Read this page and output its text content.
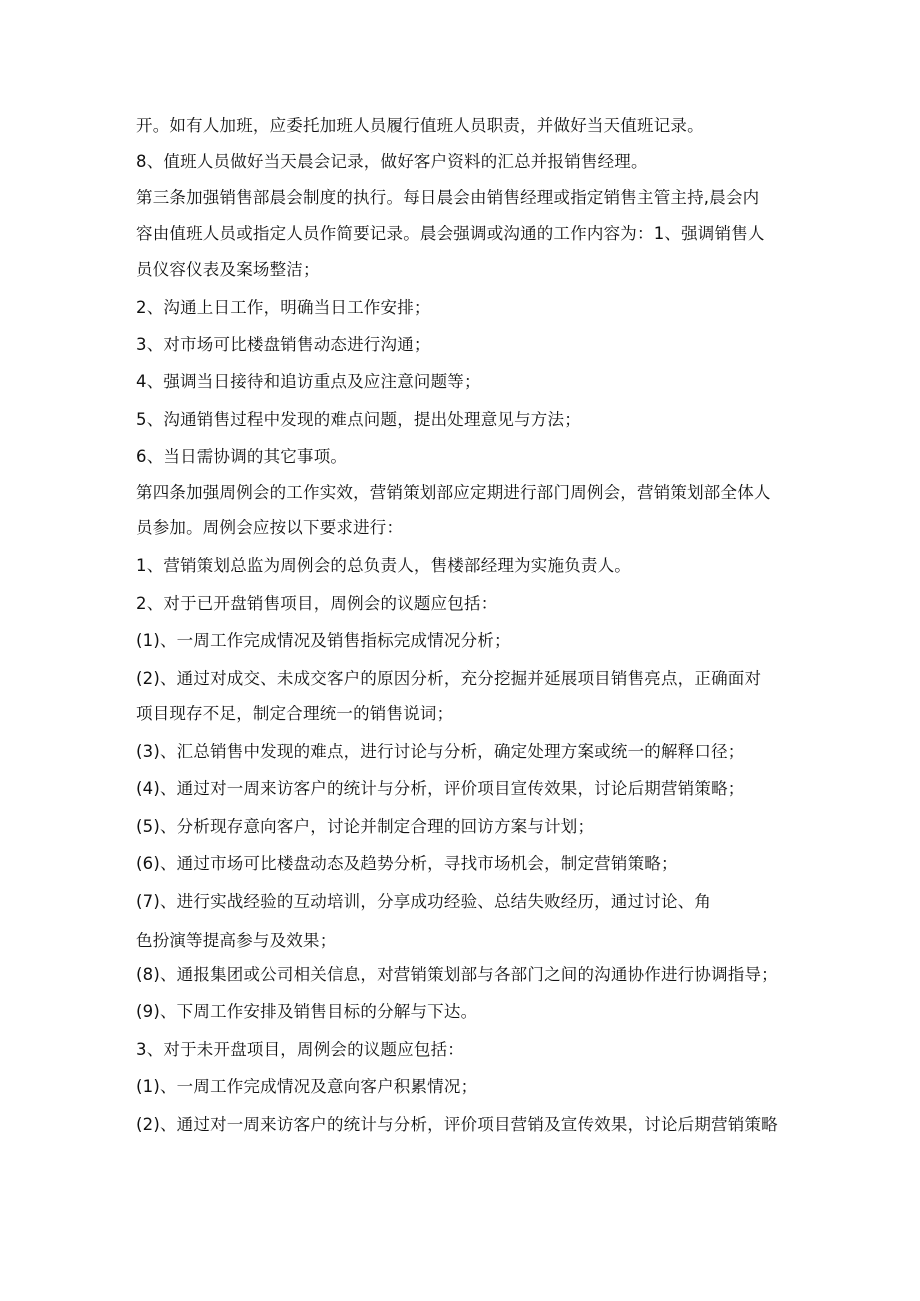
开。如有人加班，应委托加班人员履行值班人员职责，并做好当天值班记录。
8、值班人员做好当天晨会记录，做好客户资料的汇总并报销售经理。
第三条加强销售部晨会制度的执行。每日晨会由销售经理或指定销售主管主持,晨会内
容由值班人员或指定人员作简要记录。晨会强调或沟通的工作内容为：1、强调销售人
员仪容仪表及案场整洁；
2、沟通上日工作，明确当日工作安排；
3、对市场可比楼盘销售动态进行沟通；
4、强调当日接待和追访重点及应注意问题等；
5、沟通销售过程中发现的难点问题，提出处理意见与方法；
6、当日需协调的其它事项。
第四条加强周例会的工作实效，营销策划部应定期进行部门周例会，营销策划部全体人
员参加。周例会应按以下要求进行：
1、营销策划总监为周例会的总负责人，售楼部经理为实施负责人。
2、对于已开盘销售项目，周例会的议题应包括：
(1)、一周工作完成情况及销售指标完成情况分析；
(2)、通过对成交、未成交客户的原因分析，充分挖掘并延展项目销售亮点，正确面对
项目现存不足，制定合理统一的销售说词；
(3)、汇总销售中发现的难点，进行讨论与分析，确定处理方案或统一的解释口径；
(4)、通过对一周来访客户的统计与分析，评价项目宣传效果，讨论后期营销策略；
(5)、分析现存意向客户，讨论并制定合理的回访方案与计划；
(6)、通过市场可比楼盘动态及趋势分析，寻找市场机会，制定营销策略；
(7)、进行实战经验的互动培训，分享成功经验、总结失败经历，通过讨论、角
色扮演等提高参与及效果；
(8)、通报集团或公司相关信息，对营销策划部与各部门之间的沟通协作进行协调指导；
(9)、下周工作安排及销售目标的分解与下达。
3、对于未开盘项目，周例会的议题应包括：
(1)、一周工作完成情况及意向客户积累情况；
(2)、通过对一周来访客户的统计与分析，评价项目营销及宣传效果，讨论后期营销策略
